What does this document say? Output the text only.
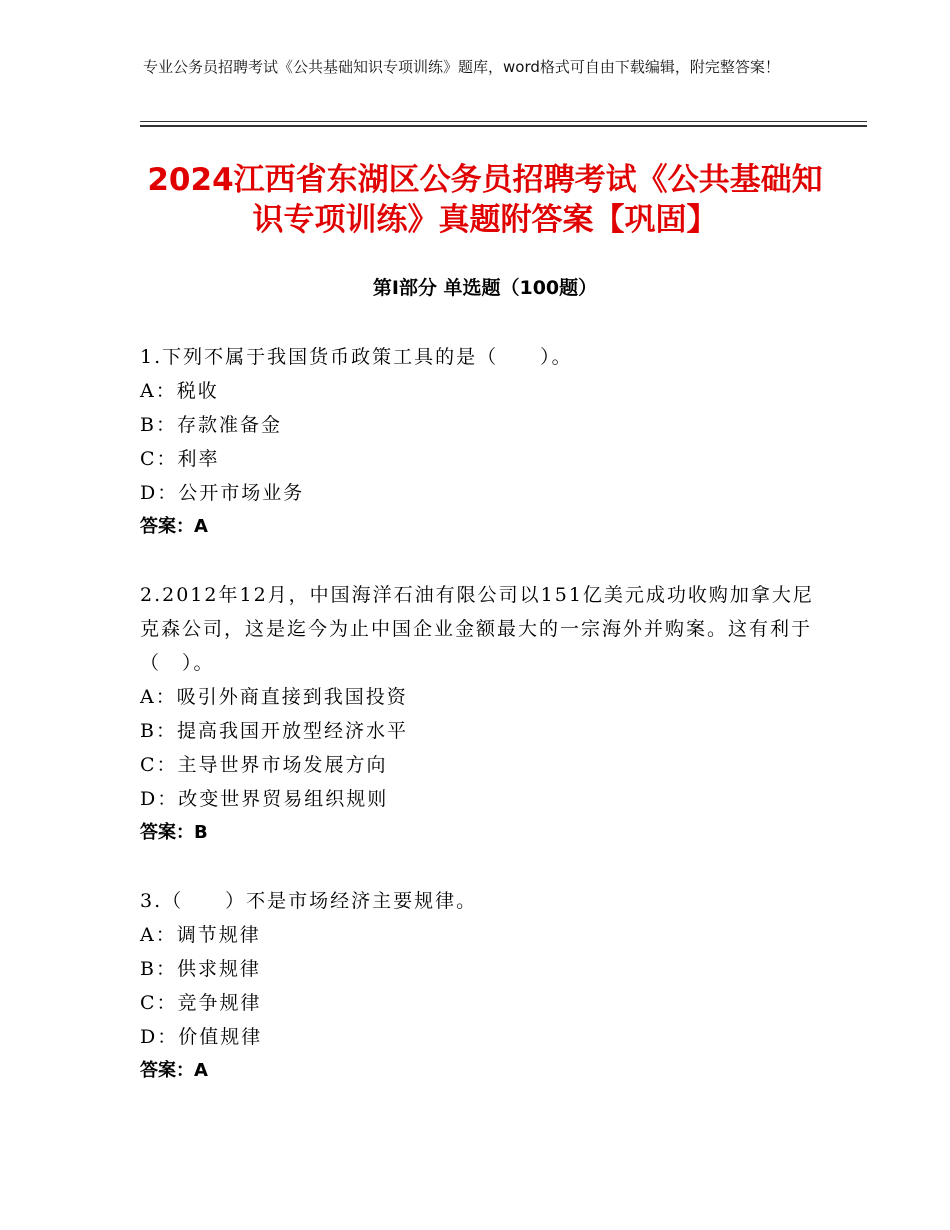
专业公务员招聘考试《公共基础知识专项训练》题库，word格式可自由下载编辑，附完整答案！
2024江西省东湖区公务员招聘考试《公共基础知识专项训练》真题附答案【巩固】
第Ⅰ部分 单选题（100题）
1.下列不属于我国货币政策工具的是（　　）。
A：税收
B：存款准备金
C：利率
D：公开市场业务
答案：A
2.2012年12月，中国海洋石油有限公司以151亿美元成功收购加拿大尼克森公司，这是迄今为止中国企业金额最大的一宗海外并购案。这有利于（　）。
A：吸引外商直接到我国投资
B：提高我国开放型经济水平
C：主导世界市场发展方向
D：改变世界贸易组织规则
答案：B
3.（　　）不是市场经济主要规律。
A：调节规律
B：供求规律
C：竞争规律
D：价值规律
答案：A
